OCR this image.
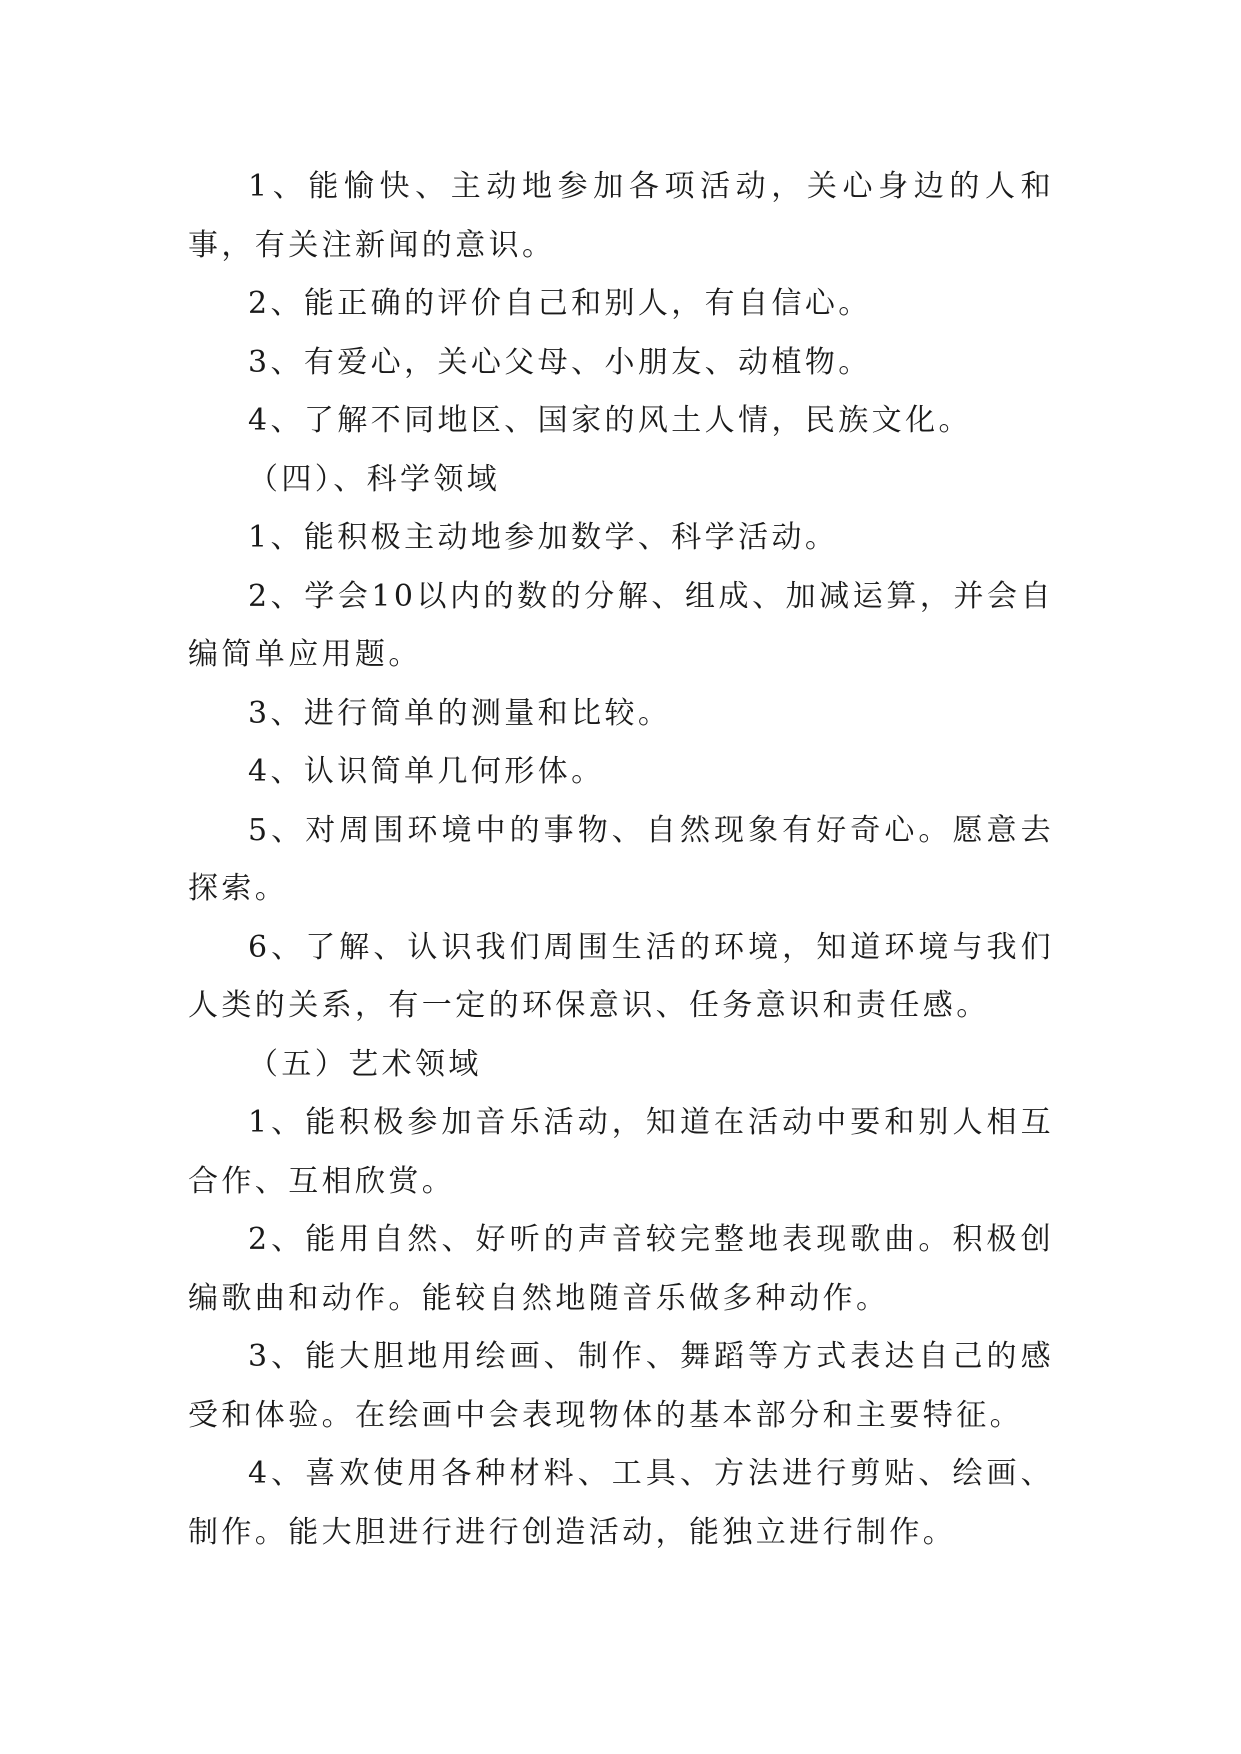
1、能愉快、主动地参加各项活动，关心身边的人和事，有关注新闻的意识。

2、能正确的评价自己和别人，有自信心。

3、有爱心，关心父母、小朋友、动植物。

4、了解不同地区、国家的风土人情，民族文化。

（四）、科学领域

1、能积极主动地参加数学、科学活动。

2、学会10以内的数的分解、组成、加减运算，并会自编简单应用题。

3、进行简单的测量和比较。

4、认识简单几何形体。

5、对周围环境中的事物、自然现象有好奇心。愿意去探索。

6、了解、认识我们周围生活的环境，知道环境与我们人类的关系，有一定的环保意识、任务意识和责任感。

（五）艺术领域

1、能积极参加音乐活动，知道在活动中要和别人相互合作、互相欣赏。

2、能用自然、好听的声音较完整地表现歌曲。积极创编歌曲和动作。能较自然地随音乐做多种动作。

3、能大胆地用绘画、制作、舞蹈等方式表达自己的感受和体验。在绘画中会表现物体的基本部分和主要特征。

4、喜欢使用各种材料、工具、方法进行剪贴、绘画、制作。能大胆进行进行创造活动，能独立进行制作。
